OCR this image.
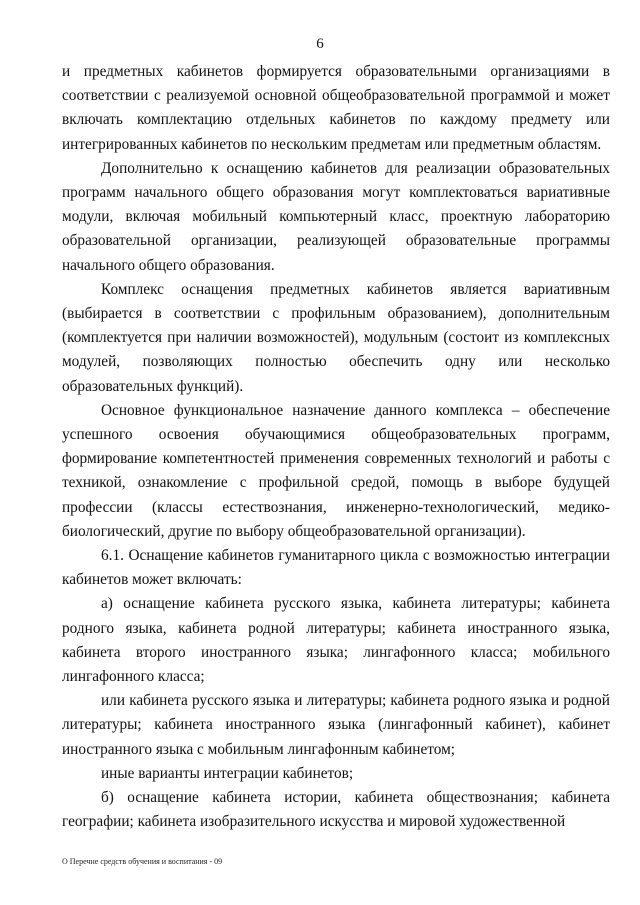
6

и предметных кабинетов формируется образовательными организациями в соответствии с реализуемой основной общеобразовательной программой и может включать комплектацию отдельных кабинетов по каждому предмету или интегрированных кабинетов по нескольким предметам или предметным областям.

Дополнительно к оснащению кабинетов для реализации образовательных программ начального общего образования могут комплектоваться вариативные модули, включая мобильный компьютерный класс, проектную лабораторию образовательной организации, реализующей образовательные программы начального общего образования.

Комплекс оснащения предметных кабинетов является вариативным (выбирается в соответствии с профильным образованием), дополнительным (комплектуется при наличии возможностей), модульным (состоит из комплексных модулей, позволяющих полностью обеспечить одну или несколько образовательных функций).

Основное функциональное назначение данного комплекса – обеспечение успешного освоения обучающимися общеобразовательных программ, формирование компетентностей применения современных технологий и работы с техникой, ознакомление с профильной средой, помощь в выборе будущей профессии (классы естествознания, инженерно-технологический, медико-биологический, другие по выбору общеобразовательной организации).

6.1. Оснащение кабинетов гуманитарного цикла с возможностью интеграции кабинетов может включать:

а) оснащение кабинета русского языка, кабинета литературы; кабинета родного языка, кабинета родной литературы; кабинета иностранного языка, кабинета второго иностранного языка; лингафонного класса; мобильного лингафонного класса;

или кабинета русского языка и литературы; кабинета родного языка и родной литературы; кабинета иностранного языка (лингафонный кабинет), кабинет иностранного языка с мобильным лингафонным кабинетом;

иные варианты интеграции кабинетов;

б) оснащение кабинета истории, кабинета обществознания; кабинета географии; кабинета изобразительного искусства и мировой художественной

О Перечне средств обучения и воспитания - 09
